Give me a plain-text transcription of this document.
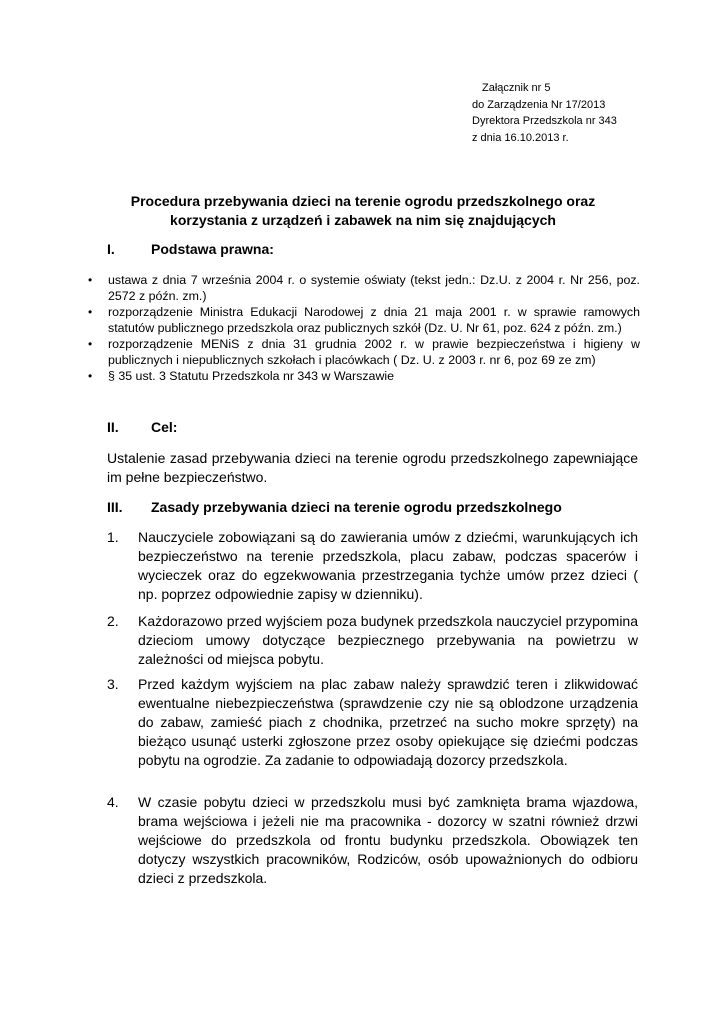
Załącznik nr 5
do Zarządzenia Nr 17/2013
Dyrektora Przedszkola nr 343
z dnia 16.10.2013 r.
Procedura przebywania dzieci na terenie ogrodu przedszkolnego oraz
korzystania z urządzeń i zabawek na nim się znajdujących
I.	Podstawa prawna:
• ustawa z dnia 7 września 2004 r. o systemie oświaty (tekst jedn.: Dz.U. z 2004 r. Nr 256, poz. 2572 z późn. zm.)
• rozporządzenie Ministra Edukacji Narodowej z dnia 21 maja 2001 r. w sprawie ramowych statutów publicznego przedszkola oraz publicznych szkół (Dz. U. Nr 61, poz. 624 z późn. zm.)
• rozporządzenie MENiS z dnia 31 grudnia 2002 r. w prawie bezpieczeństwa i higieny w publicznych i niepublicznych szkołach i placówkach ( Dz. U. z 2003 r. nr 6, poz 69 ze zm)
• § 35 ust. 3 Statutu Przedszkola nr 343 w Warszawie
II.	Cel:
Ustalenie zasad przebywania dzieci na terenie ogrodu przedszkolnego zapewniające im pełne bezpieczeństwo.
III.	Zasady przebywania dzieci na terenie ogrodu przedszkolnego
1. Nauczyciele zobowiązani są do zawierania umów z dziećmi, warunkujących ich bezpieczeństwo na terenie przedszkola, placu zabaw, podczas spacerów i wycieczek oraz do egzekwowania przestrzegania tychże umów przez dzieci ( np. poprzez odpowiednie zapisy w dzienniku).
2. Każdorazowo przed wyjściem poza budynek przedszkola nauczyciel przypomina dzieciom umowy dotyczące bezpiecznego przebywania na powietrzu w zależności od miejsca pobytu.
3. Przed każdym wyjściem na plac zabaw należy sprawdzić teren i zlikwidować ewentualne niebezpieczeństwa (sprawdzenie czy nie są oblodzone urządzenia do zabaw, zamieść piach z chodnika, przetrzeć na sucho mokre sprzęty) na bieżąco usunąć usterki zgłoszone przez osoby opiekujące się dziećmi podczas pobytu na ogrodzie. Za zadanie to odpowiadają dozorcy przedszkola.
4. W czasie pobytu dzieci w przedszkolu musi być zamknięta brama wjazdowa, brama wejściowa i jeżeli nie ma pracownika - dozorcy w szatni również drzwi wejściowe do przedszkola od frontu budynku przedszkola. Obowiązek ten dotyczy wszystkich pracowników, Rodziców, osób upoważnionych do odbioru dzieci z przedszkola.
